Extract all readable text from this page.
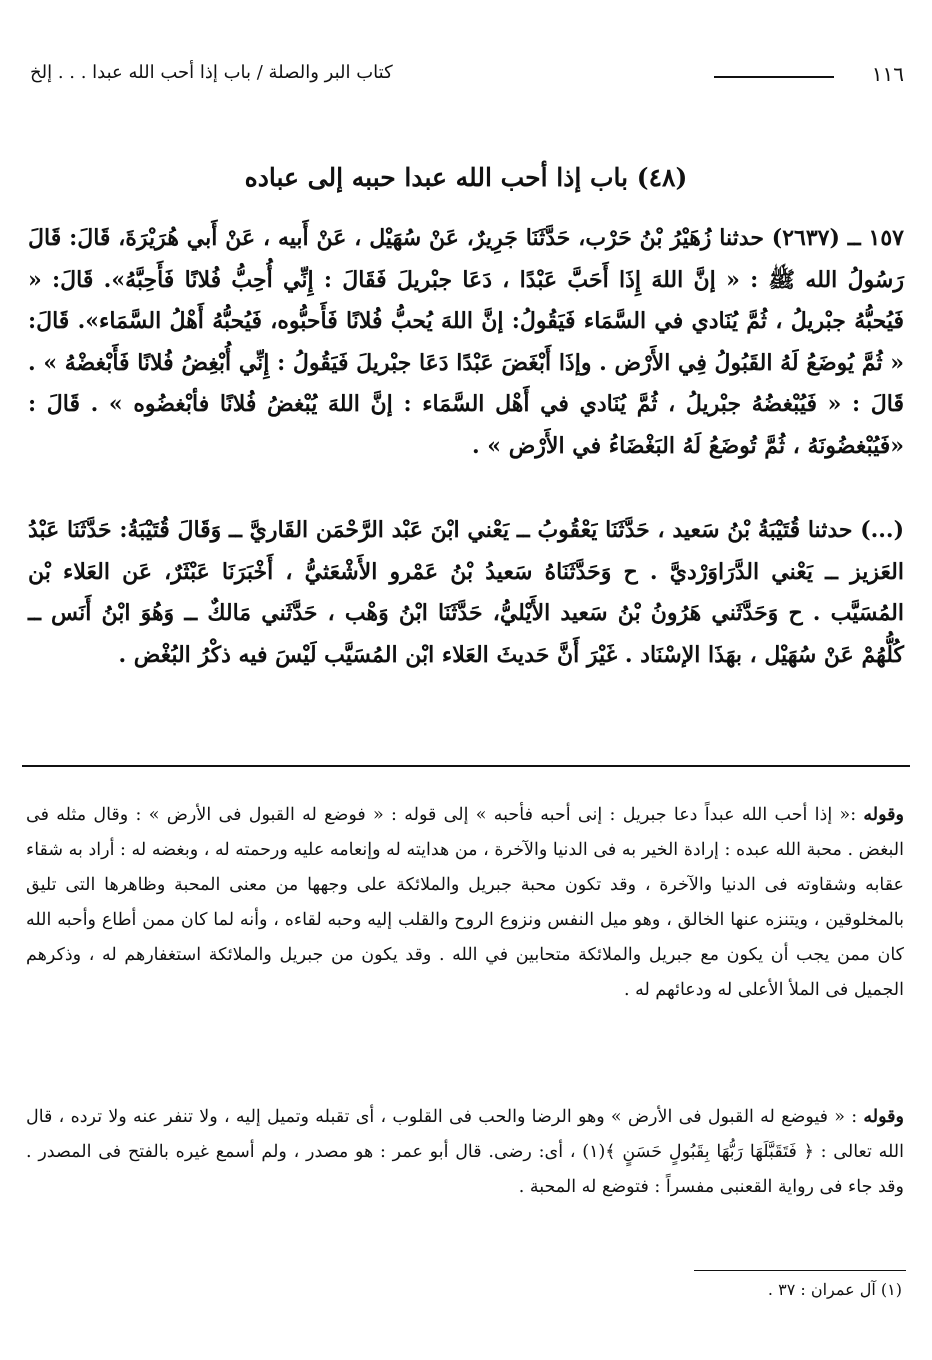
١١٦
كتاب البر والصلة / باب إذا أحب الله عبدا . . . إلخ
(٤٨) باب إذا أحب الله عبدا حببه إلى عباده
١٥٧ ــ (٢٦٣٧) حدثنا زُهَيْرُ بْنُ حَرْب، حَدَّثَنَا جَرِيرٌ، عَنْ سُهَيْل ، عَنْ أَبيه ، عَنْ أَبي هُرَيْرَةَ، قَالَ: قَالَ رَسُولُ الله ﷺ : « إنَّ اللهَ إِذَا أَحَبَّ عَبْدًا ، دَعَا جبْريلَ فَقَالَ : إِنِّي أُحِبُّ فُلانًا فَأَحِبَّهُ». قَالَ: « فَيُحبُّهُ جبْريلُ ، ثُمَّ يُنَادي في السَّمَاء فَيَقُولُ: إنَّ اللهَ يُحبُّ فُلانًا فَأَحبُّوه، فَيُحبُّهُ أَهْلُ السَّمَاء». قَالَ: « ثُمَّ يُوضَعُ لَهُ القَبُولُ فِي الأَرْض . وإذَا أَبْغَضَ عَبْدًا دَعَا جبْريلَ فَيَقُولُ : إِنِّي أُبْغِضُ فُلانًا فَأَبْغضْهُ » . قَالَ : « فَيُبْغضُهُ جبْريلُ ، ثُمَّ يُنَادي في أَهْل السَّمَاء : إنَّ اللهَ يُبْغضُ فُلانًا فأبْغضُوه » . قَالَ : «فَيُبْغضُونَهُ ، ثُمَّ تُوضَعُ لَهُ البَغْضَاءُ في الأَرْض » .
(...) حدثنا قُتَيْبَةُ بْنُ سَعيد ، حَدَّثَنَا يَعْقُوبُ ــ يَعْني ابْنَ عَبْد الرَّحْمَن القَاريَّ ــ وَقَالَ قُتَيْبَةُ: حَدَّثَنَا عَبْدُ العَزيز ــ يَعْني الدَّرَاوَرْديَّ . ح وَحَدَّثَنَاهُ سَعيدُ بْنُ عَمْرو الأَشْعَثيُّ ، أَخْبَرَنَا عَبْثَرٌ، عَن العَلاء بْن المُسَيَّب . ح وَحَدَّثَني هَرُونُ بْنُ سَعيد الأَيْليُّ، حَدَّثَنَا ابْنُ وَهْب ، حَدَّثَني مَالكٌ ــ وَهُوَ ابْنُ أَنَس ــ كُلُّهُمْ عَنْ سُهَيْل ، بهَذَا الإسْنَاد . غَيْرَ أَنَّ حَديثَ العَلاء ابْن المُسَيَّب لَيْسَ فيه ذكْرُ البُغْض .
وقوله :« إذا أحب الله عبداً دعا جبريل : إنى أحبه فأحبه » إلى قوله : « فوضع له القبول فى الأرض » : وقال مثله فى البغض . محبة الله عبده : إرادة الخير به فى الدنيا والآخرة ، من هدايته له وإنعامه عليه ورحمته له ، وبغضه له : أراد به شقاء عقابه وشقاوته فى الدنيا والآخرة ، وقد تكون محبة جبريل والملائكة على وجهها من معنى المحبة وظاهرها التى تليق بالمخلوقين ، ويتنزه عنها الخالق ، وهو ميل النفس ونزوع الروح والقلب إليه وحبه لقاءه ، وأنه لما كان ممن أطاع وأحبه الله كان ممن يجب أن يكون مع جبريل والملائكة متحابين في الله . وقد يكون من جبريل والملائكة استغفارهم له ، وذكرهم الجميل فى الملأ الأعلى له ودعائهم له .
وقوله : « فيوضع له القبول فى الأرض » وهو الرضا والحب فى القلوب ، أى تقبله وتميل إليه ، ولا تنفر عنه ولا ترده ، قال الله تعالى : ﴿ فَتَقَبَّلَهَا رَبُّهَا بِقَبُولٍ حَسَنٍ ﴾(١) ، أى: رضى. قال أبو عمر : هو مصدر ، ولم أسمع غيره بالفتح فى المصدر . وقد جاء فى رواية القعنبى مفسراً : فتوضع له المحبة .
(١) آل عمران : ٣٧ .
